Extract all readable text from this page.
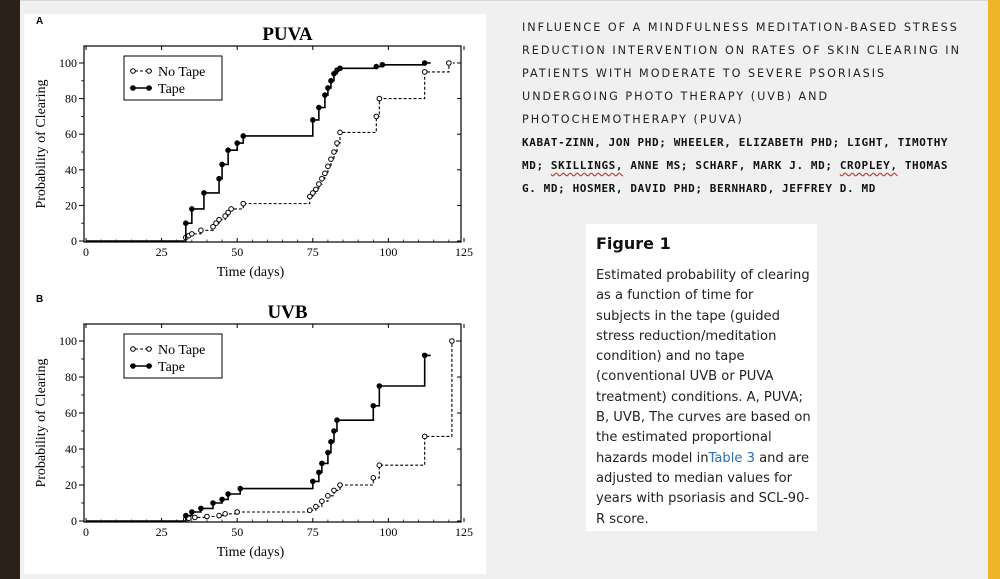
A
PUVA
0
20
40
60
80
100
0	25	50	75	100	125
Time (days)
Probability of Clearing
No Tape
Tape
B
UVB
0
20
40
60
80
100
0	25	50	75	100	125
Time (days)
Probability of Clearing
No Tape
Tape
INFLUENCE OF A MINDFULNESS MEDITATION-BASED STRESS REDUCTION INTERVENTION ON RATES OF SKIN CLEARING IN PATIENTS WITH MODERATE TO SEVERE PSORIASIS UNDERGOING PHOTO THERAPY (UVB) AND PHOTOCHEMOTHERAPY (PUVA)
KABAT-ZINN, JON PHD; WHEELER, ELIZABETH PHD; LIGHT, TIMOTHY MD; SKILLINGS, ANNE MS; SCHARF, MARK J. MD; CROPLEY, THOMAS G. MD; HOSMER, DAVID PHD; BERNHARD, JEFFREY D. MD
Figure 1
Estimated probability of clearing as a function of time for subjects in the tape (guided stress reduction/meditation condition) and no tape (conventional UVB or PUVA treatment) conditions. A, PUVA; B, UVB, The curves are based on the estimated proportional hazards model inTable 3 and are adjusted to median values for years with psoriasis and SCL-90-R score.
